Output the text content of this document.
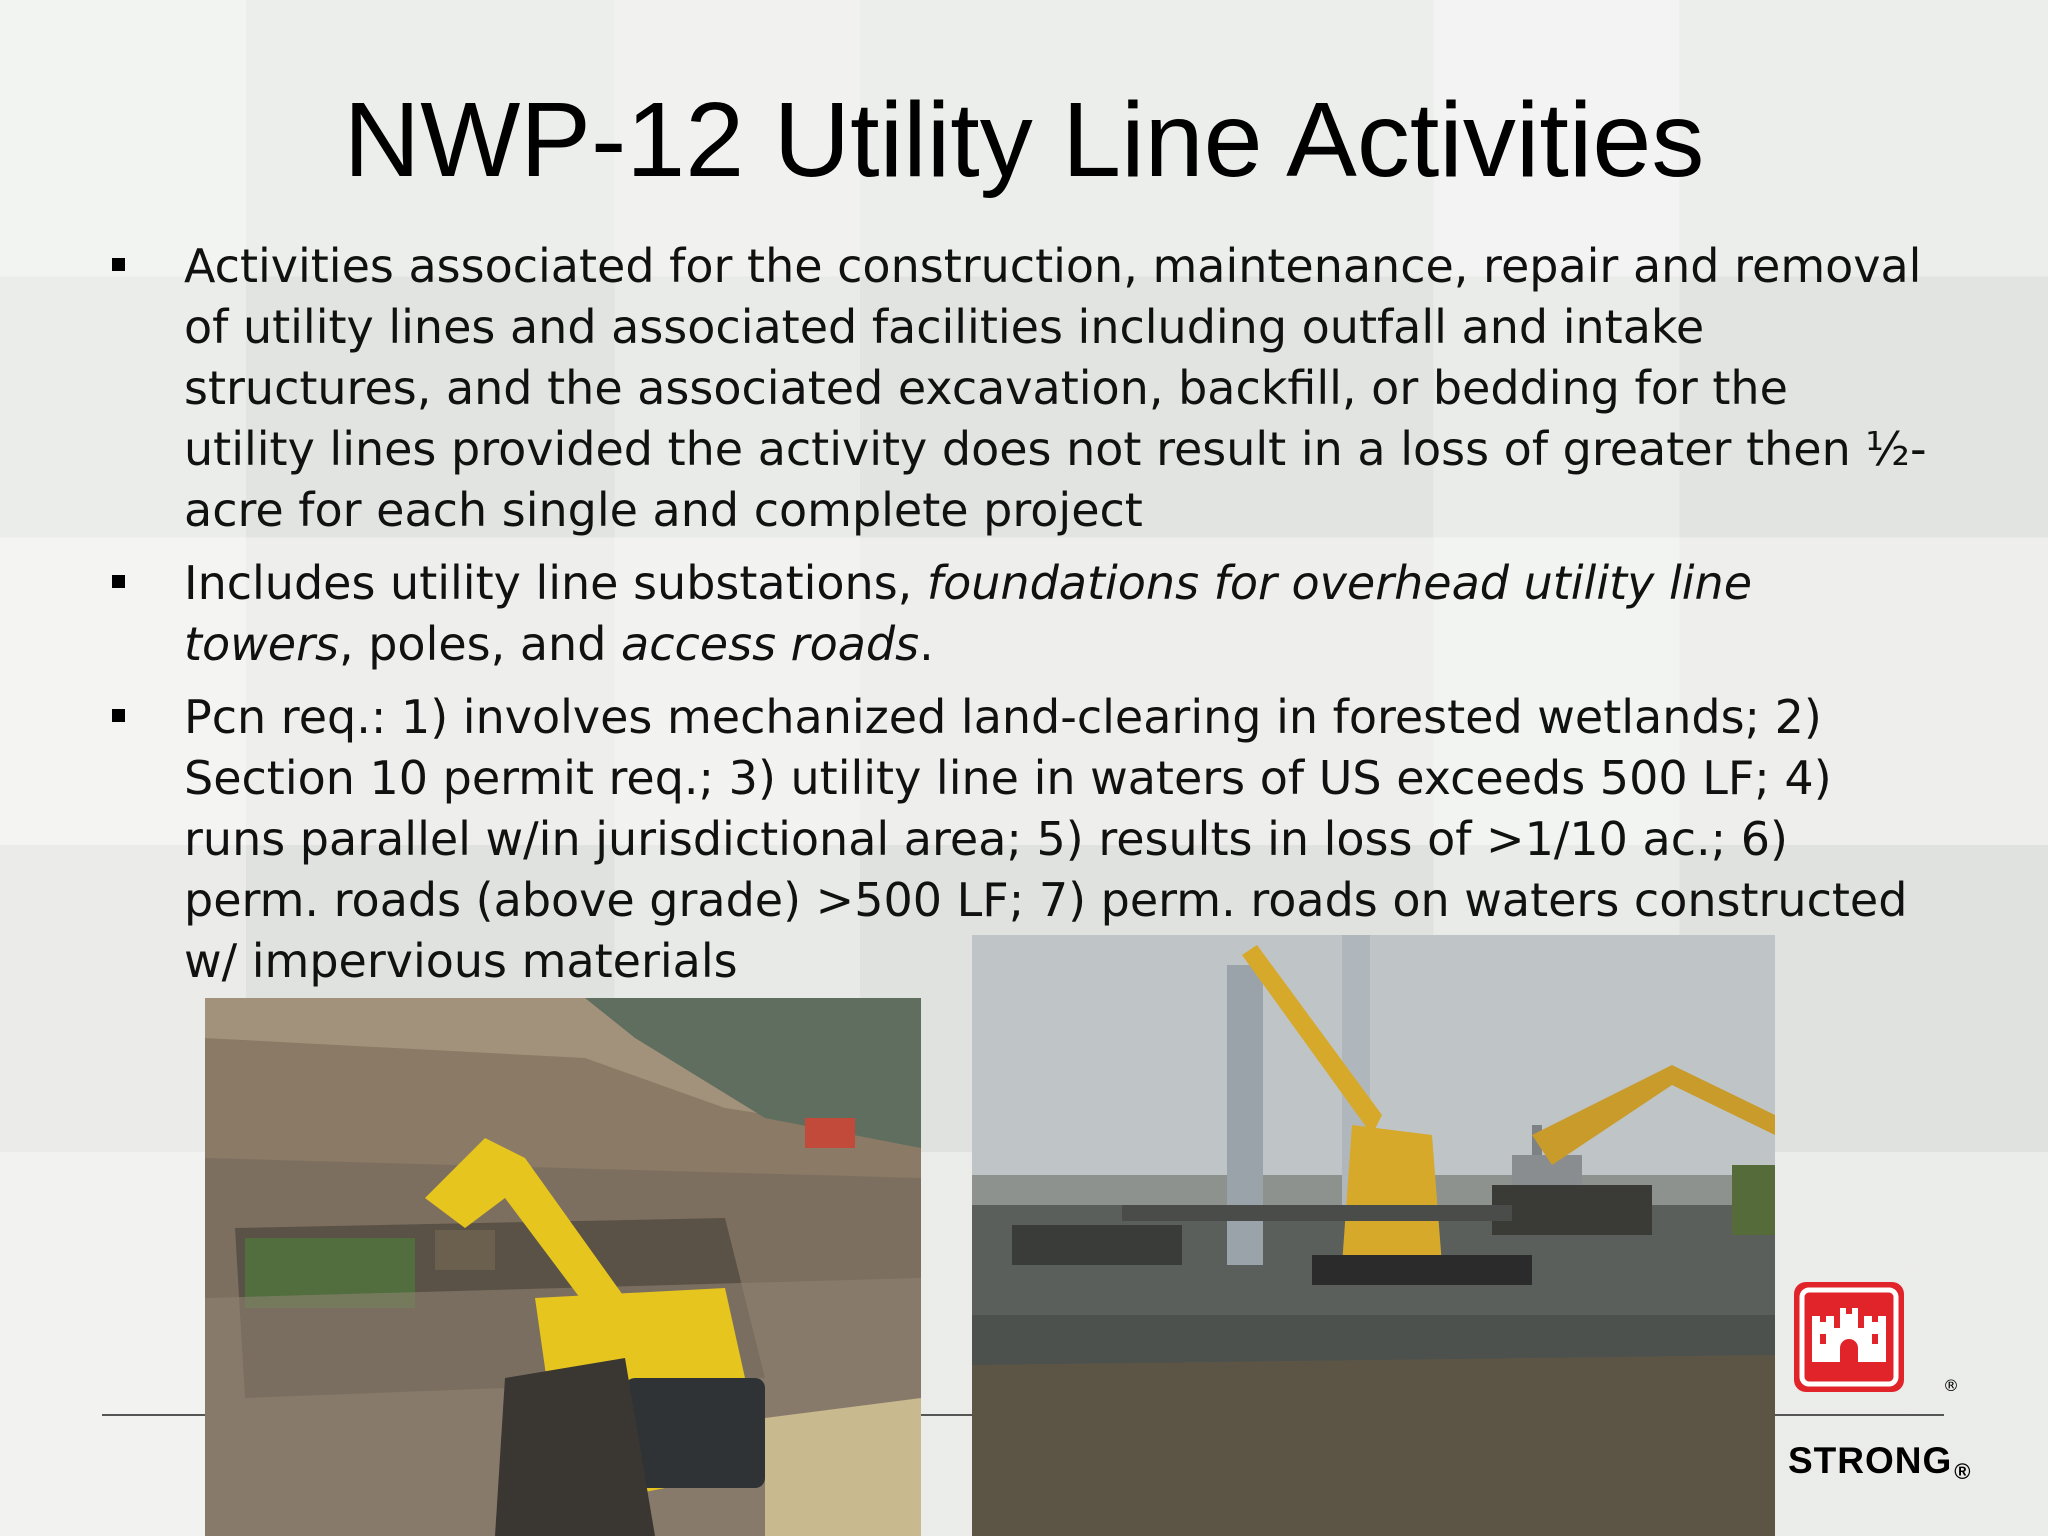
NWP-12 Utility Line Activities
Activities associated for the construction, maintenance, repair and removal of utility lines and associated facilities including outfall and intake structures, and the associated excavation, backfill, or bedding for the utility lines provided the activity does not result in a loss of greater then ½-acre for each single and complete project
Includes utility line substations, foundations for overhead utility line towers, poles, and access roads.
Pcn req.: 1) involves mechanized land-clearing in forested wetlands; 2) Section 10 permit req.; 3) utility line in waters of US exceeds 500 LF; 4) runs parallel w/in jurisdictional area; 5) results in loss of >1/10 ac.; 6) perm. roads (above grade) >500 LF; 7) perm. roads on waters constructed w/ impervious materials
®
STRONG®
